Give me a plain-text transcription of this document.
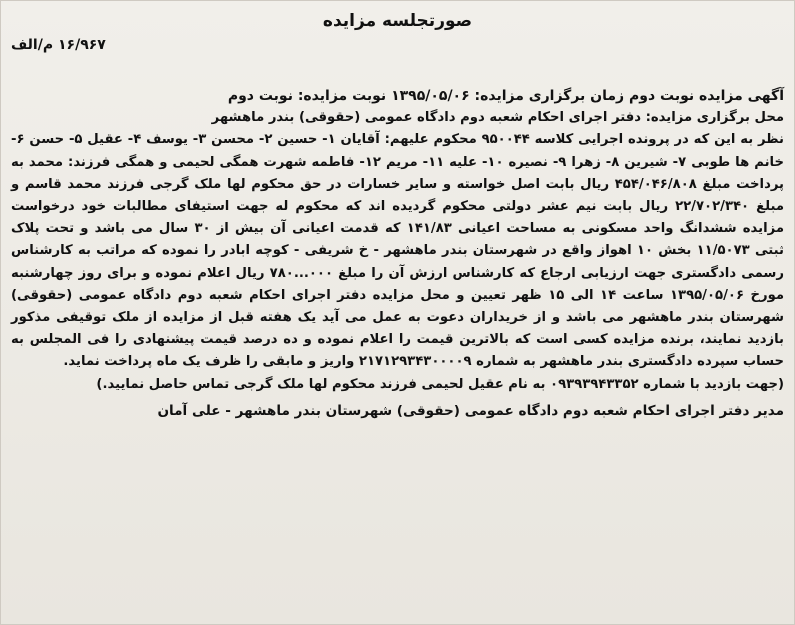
صورتجلسه مزایده
۱۶/۹۶۷ م/الف

آگهی مزایده نوبت دوم زمان برگزاری مزایده: ۱۳۹۵/۰۵/۰۶ نوبت مزایده: نوبت دوم

محل برگزاری مزایده: دفتر اجرای احکام شعبه دوم دادگاه عمومی (حقوقی) بندر ماهشهر

نظر به این که در پرونده اجرایی کلاسه ۹۵۰۰۴۴ محکوم علیهم: آقایان ۱- حسین ۲- محسن ۳- یوسف ۴- عقیل ۵- حسن ۶- خانم ها طوبی ۷- شیرین ۸- زهرا ۹- نصیره ۱۰- علیه ۱۱- مریم ۱۲- فاطمه شهرت همگی لحیمی و همگی فرزند: محمد به پرداخت مبلغ ۴۵۴/۰۴۶/۸۰۸ ریال بابت اصل خواسته و سایر خسارات در حق محکوم لها ملک گرجی فرزند محمد قاسم و مبلغ ۲۲/۷۰۲/۳۴۰ ریال بابت نیم عشر دولتی محکوم گردیده اند که محکوم له جهت استیفای مطالبات خود درخواست مزایده ششدانگ واحد مسکونی به مساحت اعیانی ۱۴۱/۸۳ که قدمت اعیانی آن بیش از ۳۰ سال می باشد و تحت پلاک ثبتی ۱۱/۵۰۷۳ بخش ۱۰ اهواز واقع در شهرستان بندر ماهشهر - خ شریفی - کوچه ابادر را نموده که مراتب به کارشناس رسمی دادگستری جهت ارزیابی ارجاع که کارشناس ارزش آن را مبلغ ۰۰۰...۷۸۰ ریال اعلام نموده و برای روز چهارشنبه مورخ ۱۳۹۵/۰۵/۰۶ ساعت ۱۴ الی ۱۵ ظهر تعیین و محل مزایده دفتر اجرای احکام شعبه دوم دادگاه عمومی (حقوقی) شهرستان بندر ماهشهر می باشد و از خریداران دعوت به عمل می آید یک هفته قبل از مزایده از ملک توقیفی مذکور بازدید نمایند، برنده مزایده کسی است که بالاترین قیمت را اعلام نموده و ده درصد قیمت پیشنهادی را فی المجلس به حساب سپرده دادگستری بندر ماهشهر به شماره ۲۱۷۱۲۹۳۴۳۰۰۰۰۹ واریز و مابقی را ظرف یک ماه پرداخت نماید.

(جهت بازدید با شماره ۰۹۳۹۳۹۴۳۳۵۲ به نام عقیل لحیمی فرزند محکوم لها ملک گرجی تماس حاصل نمایید.)

مدیر دفتر اجرای احکام شعبه دوم دادگاه عمومی (حقوقی) شهرستان بندر ماهشهر - علی آمان
